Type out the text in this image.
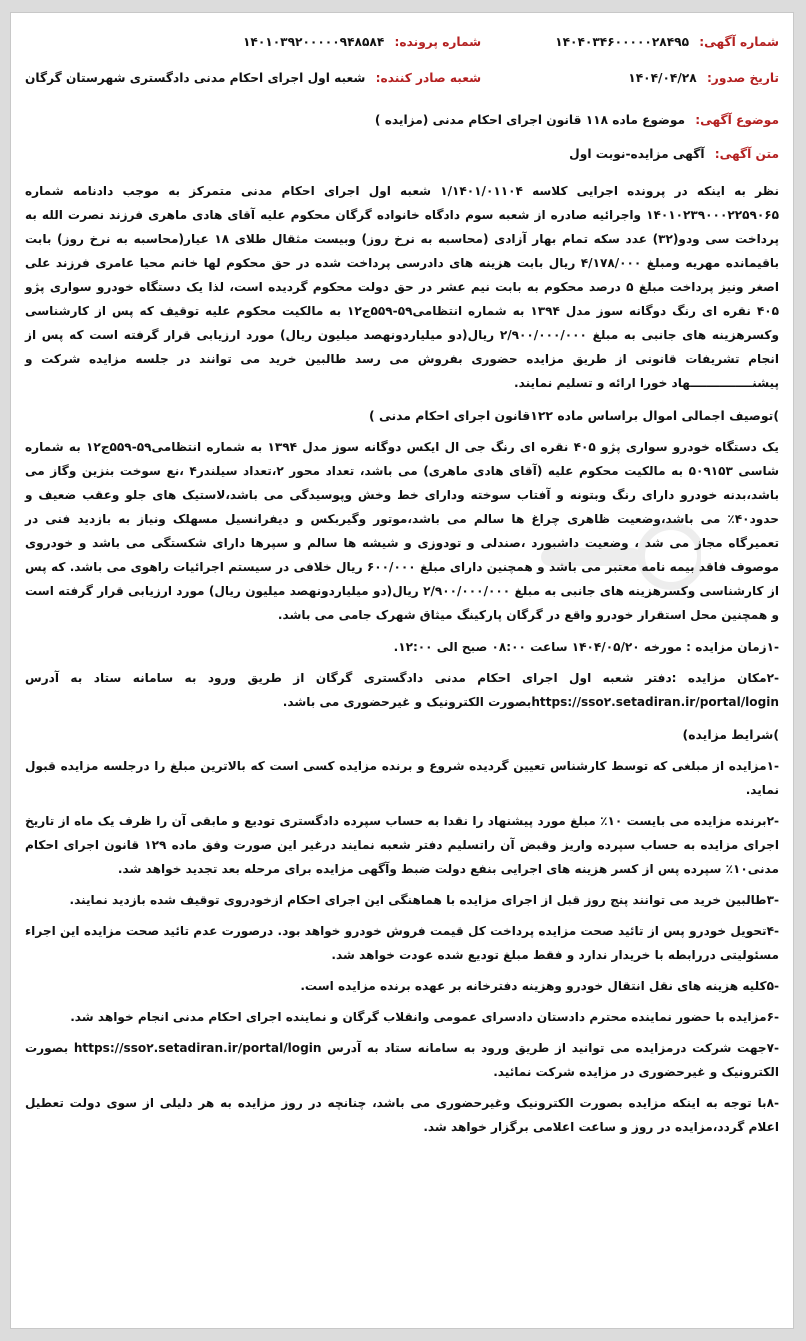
شماره آگهی: ۱۴۰۴۰۳۴۶۰۰۰۰۰۲۸۴۹۵
شماره پرونده: ۱۴۰۱۰۳۹۲۰۰۰۰۰۹۴۸۵۸۴
تاریخ صدور: ۱۴۰۴/۰۴/۲۸
شعبه صادر کننده: شعبه اول اجرای احکام مدنی دادگستری شهرستان گرگان
موضوع آگهی: موضوع ماده ۱۱۸ قانون اجرای احکام مدنی (مزایده )
متن آگهی: آگهی مزایده-نوبت اول

نظر به اینکه در پرونده اجرایی کلاسه ۱/۱۴۰۱/۰۱۱۰۴ شعبه اول اجرای احکام مدنی متمرکز به موجب دادنامه شماره ۱۴۰۱۰۲۳۹۰۰۰۲۲۵۹۰۶۵ واجرائیه صادره از شعبه سوم دادگاه خانواده گرگان محکوم علیه آقای هادی ماهری فرزند نصرت الله به پرداخت سی ودو(۳۲) عدد سکه تمام بهار آزادی (محاسبه به نرخ روز) وبیست مثقال طلای ۱۸ عیار(محاسبه به نرخ روز) بابت باقیمانده مهریه ومبلغ ۴/۱۷۸/۰۰۰ ریال بابت هزینه های دادرسی پرداخت شده در حق محکوم لها خانم محیا عامری فرزند علی اصغر ونیز پرداخت مبلغ ۵ درصد محکوم به بابت نیم عشر در حق دولت محکوم گردیده است، لذا یک دستگاه خودرو سواری پژو ۴۰۵ نقره ای رنگ دوگانه سوز مدل ۱۳۹۴ به شماره انتظامی۵۹-۵۵۹ج۱۲ به مالکیت محکوم علیه توقیف که پس از کارشناسی وکسرهزینه های جانبی به مبلغ ۲/۹۰۰/۰۰۰/۰۰۰ ریال(دو میلیاردونهصد میلیون ریال) مورد ارزیابی قرار گرفته است که پس از انجام تشریفات قانونی از طریق مزایده حضوری بفروش می رسد طالبین خرید می توانند در جلسه مزایده شرکت و پیشنـــــــــــــــهاد خورا ارائه و تسلیم نمایند.

)توصیف اجمالی اموال براساس ماده ۱۲۲قانون اجرای احکام مدنی )

یک دستگاه خودرو سواری پژو ۴۰۵ نقره ای رنگ جی ال ایکس دوگانه سوز مدل ۱۳۹۴ به شماره انتظامی۵۹-۵۵۹ج۱۲ به شماره شاسی ۵۰۹۱۵۳ به مالکیت محکوم علیه (آقای هادی ماهری) می باشد، تعداد محور ۲،تعداد سیلندر۴ ،نع سوخت بنزین وگاز می باشد،بدنه خودرو دارای رنگ وبتونه و آفتاب سوخته ودارای خط وخش وپوسیدگی می باشد،لاستیک های جلو وعقب ضعیف و حدود۴۰٪ می باشد،وضعیت ظاهری چراغ ها سالم می باشد،موتور وگیربکس و دیفرانسیل مسهلک ونیاز به بازدید فنی در تعمیرگاه مجاز می شد ، وضعیت داشبورد ،صندلی و تودوزی و شیشه ها سالم و سپرها دارای شکستگی می باشد و خودروی موصوف فاقد بیمه نامه معتبر می باشد و همچنین دارای مبلغ ۶۰۰/۰۰۰ ریال خلافی در سیستم اجرائیات راهوی می باشد. که پس از کارشناسی وکسرهزینه های جانبی به مبلغ ۲/۹۰۰/۰۰۰/۰۰۰ ریال(دو میلیاردونهصد میلیون ریال) مورد ارزیابی قرار گرفته است و همچنین محل استقرار خودرو واقع در گرگان پارکینگ میثاق شهرک جامی می باشد.

-۱زمان مزایده : مورخه ۱۴۰۴/۰۵/۲۰ ساعت ۰۸:۰۰ صبح الی ۱۲:۰۰.

-۲مکان مزایده :دفتر شعبه اول اجرای احکام مدنی دادگستری گرگان از طریق ورود به سامانه ستاد به آدرس https://sso۲.setadiran.ir/portal/loginبصورت الکترونیک و غیرحضوری می باشد.

)شرایط مزایده)

-۱مزایده از مبلغی که توسط کارشناس تعیین گردیده شروع و برنده مزایده کسی است که بالاترین مبلغ را درجلسه مزایده قبول نماید.

-۲برنده مزایده می بایست ۱۰٪ مبلغ مورد پیشنهاد را نقدا به حساب سپرده دادگستری تودیع و مابقی آن را ظرف یک ماه از تاریخ اجرای مزایده به حساب سپرده واریز وقبض آن راتسلیم دفتر شعبه نمایند درغیر این صورت وفق ماده ۱۲۹ قانون اجرای احکام مدنی۱۰٪ سپرده پس از کسر هزینه های اجرایی بنفع دولت ضبط وآگهی مزایده برای مرحله بعد تجدید خواهد شد.

-۳طالبین خرید می توانند پنج روز قبل از اجرای مزایده با هماهنگی این اجرای احکام ازخودروی توقیف شده بازدید نمایند.

-۴تحویل خودرو پس از تائید صحت مزایده پرداخت کل قیمت فروش خودرو خواهد بود. درصورت عدم تائید صحت مزایده این اجراء مسئولیتی دررابطه با خریدار ندارد و فقط مبلغ تودیع شده عودت خواهد شد.

-۵کلیه هزینه های نقل انتقال خودرو وهزینه دفترخانه بر عهده برنده مزایده است.

-۶مزایده با حضور نماینده محترم دادستان دادسرای عمومی وانقلاب گرگان و نماینده اجرای احکام مدنی انجام خواهد شد.

-۷جهت شرکت درمزایده می توانید از طریق ورود به سامانه ستاد به آدرس https://sso۲.setadiran.ir/portal/login بصورت الکترونیک و غیرحضوری در مزایده شرکت نمائید.

-۸با توجه به اینکه مزایده بصورت الکترونیک وغیرحضوری می باشد، چنانچه در روز مزایده به هر دلیلی از سوی دولت تعطیل اعلام گردد،مزایده در روز و ساعت اعلامی برگزار خواهد شد.
